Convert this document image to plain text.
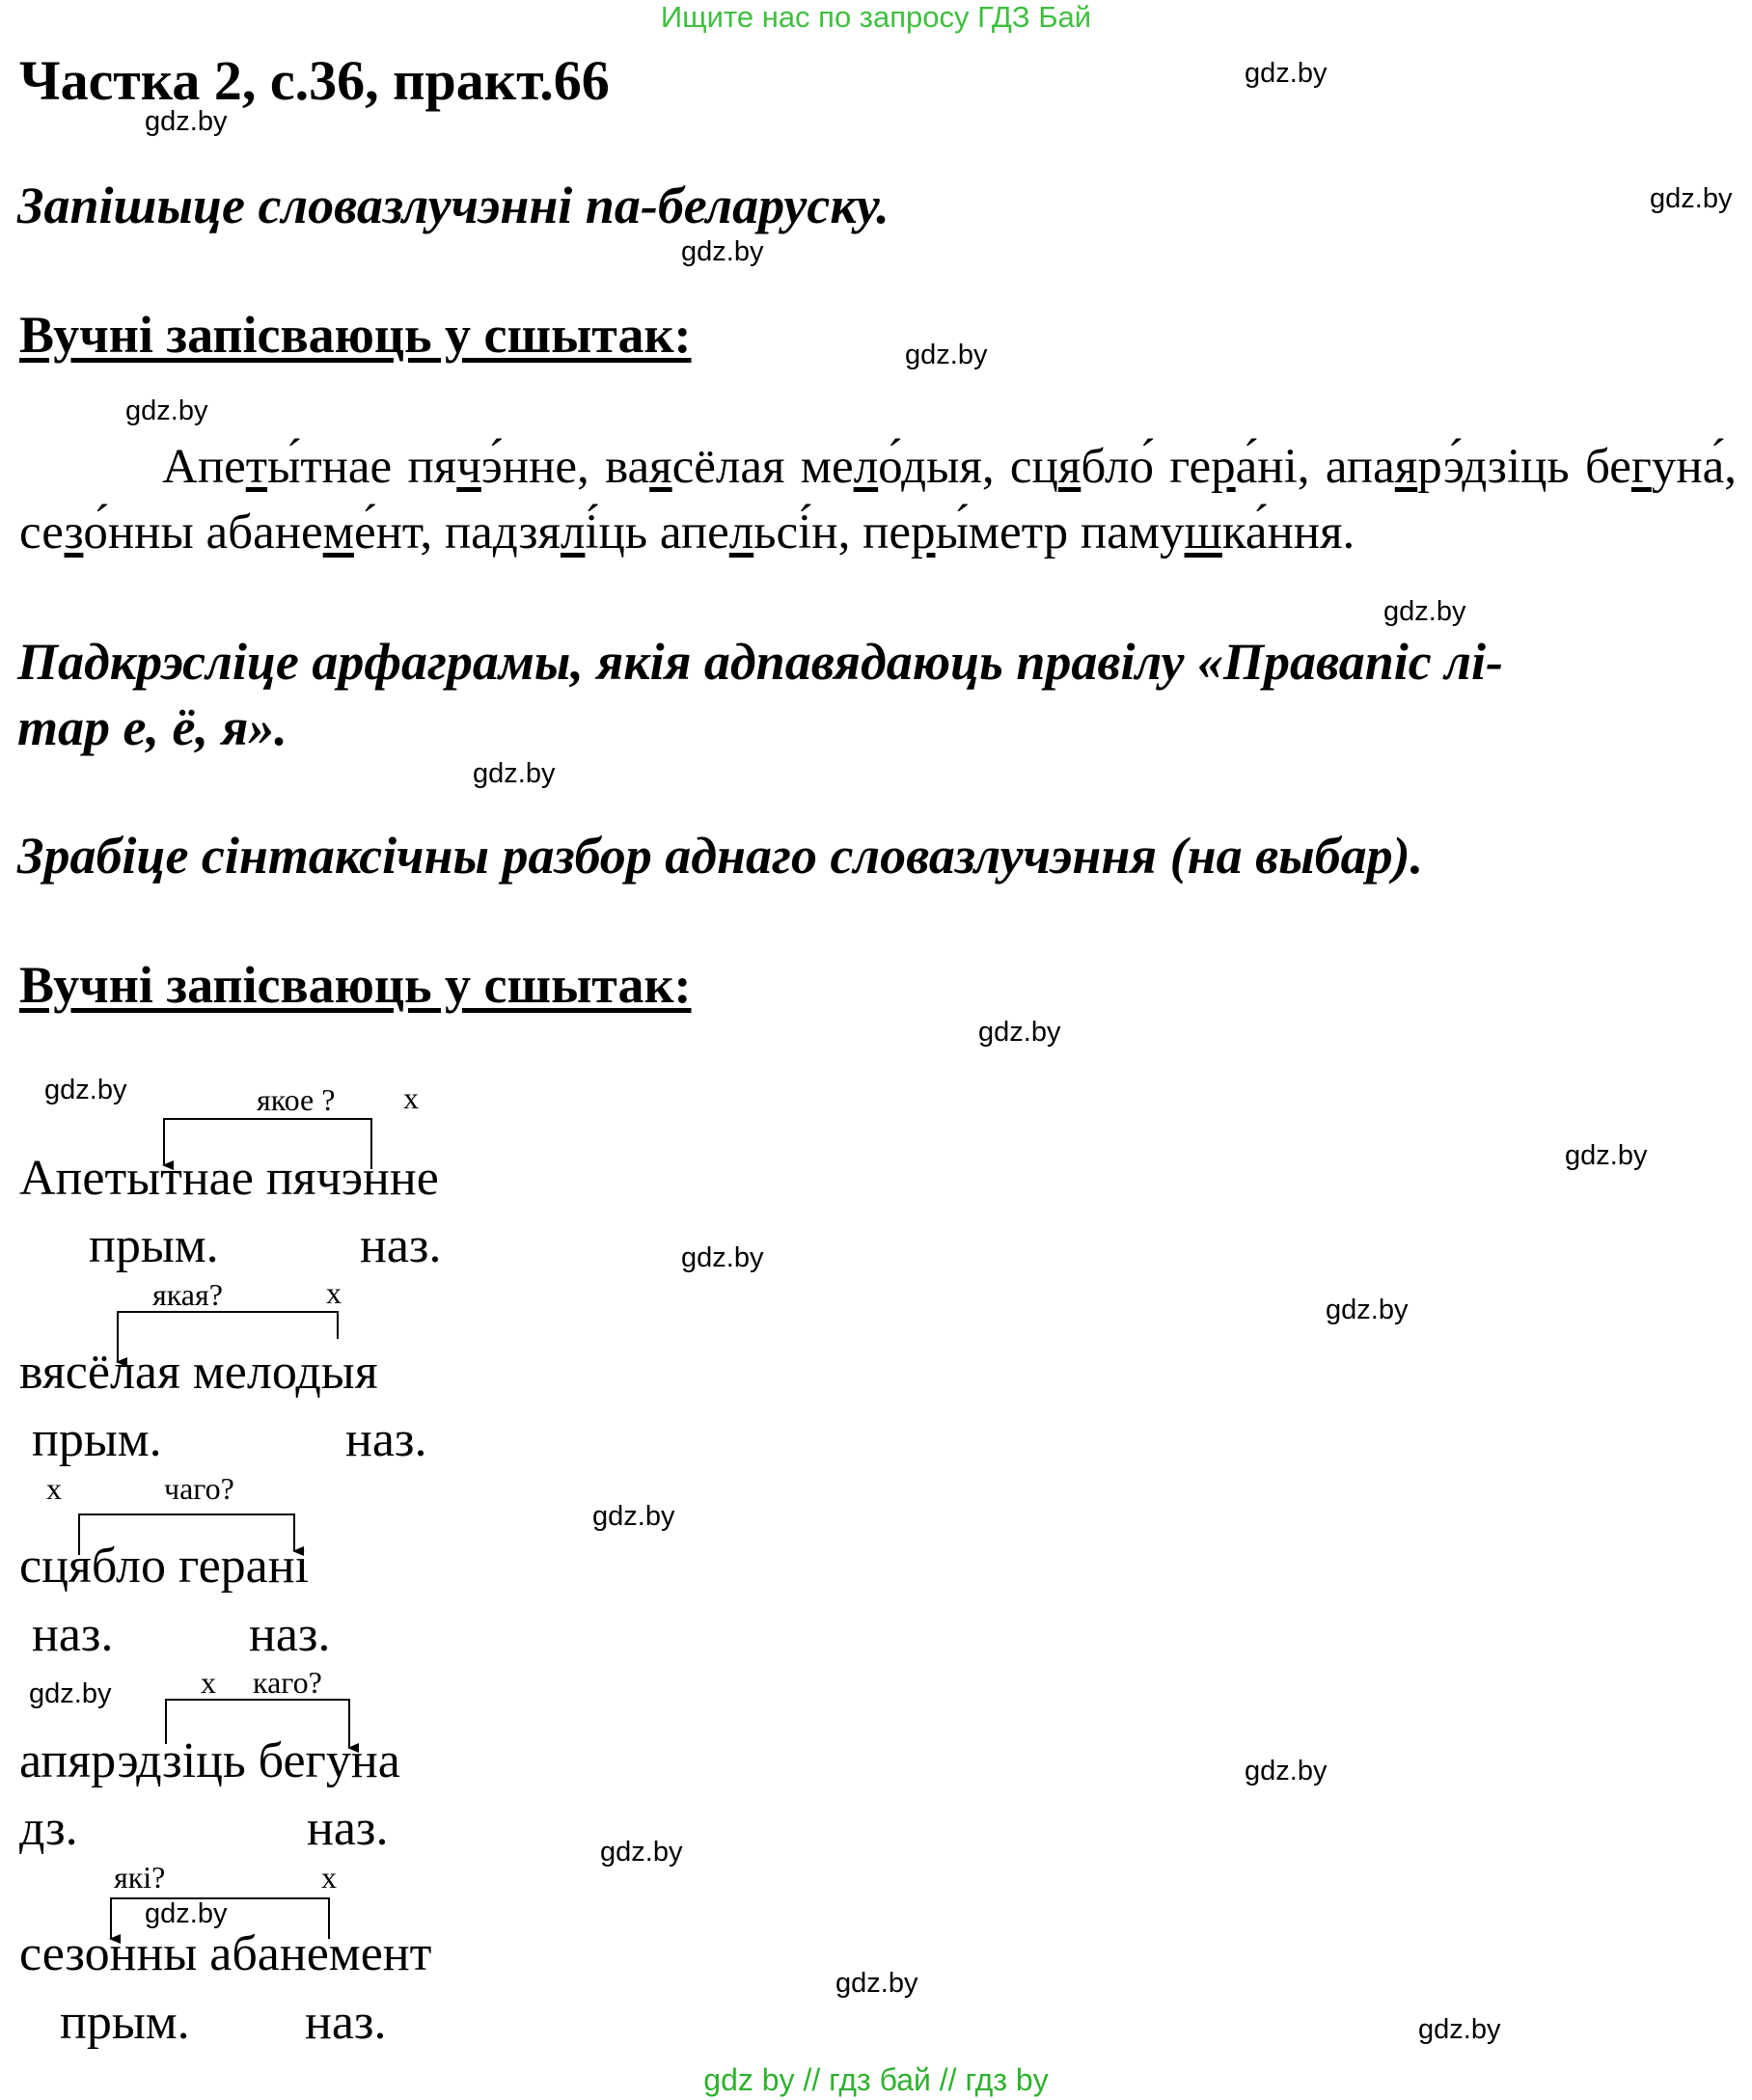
Ищите нас по запросу ГДЗ Бай
Частка 2, с.36, практ.66
Запішыце словазлучэнні па-беларуску.
Вучні запісваюць у сшытак:
Апеты́тнае пячэ́нне, ваясёлая мело́дыя, сцябло́ гера́ні, апаярэ́дзіць бегуна́, сезо́нны абанеме́нт, падзялі́ць апельсі́н, перы́метр памушка́ння.
Падкрэсліце арфаграмы, якія адпавядаюць правілу «Правапіс лі-
тар е, ё, я».
Зрабіце сінтаксічны разбор аднаго словазлучэння (на выбар).
Вучні запісваюць у сшытак:
якое ? х
Апетытнае пячэнне
прым.	наз.
якая?	х
вясёлая мелодыя
прым.	наз.
х	чаго?
сцябло герані
наз.	наз.
х каго?
апярэдзіць бегуна
дз.	наз.
які?	х
сезонны абанемент
прым. наз.
gdz.by
gdz.by
gdz.by
gdz.by
gdz.by
gdz.by
gdz.by
gdz.by
gdz.by
gdz.by
gdz.by
gdz.by
gdz.by
gdz.by
gdz.by
gdz.by
gdz.by
gdz.by
gdz.by
gdz.by
gdz by // гдз бай // гдз by
